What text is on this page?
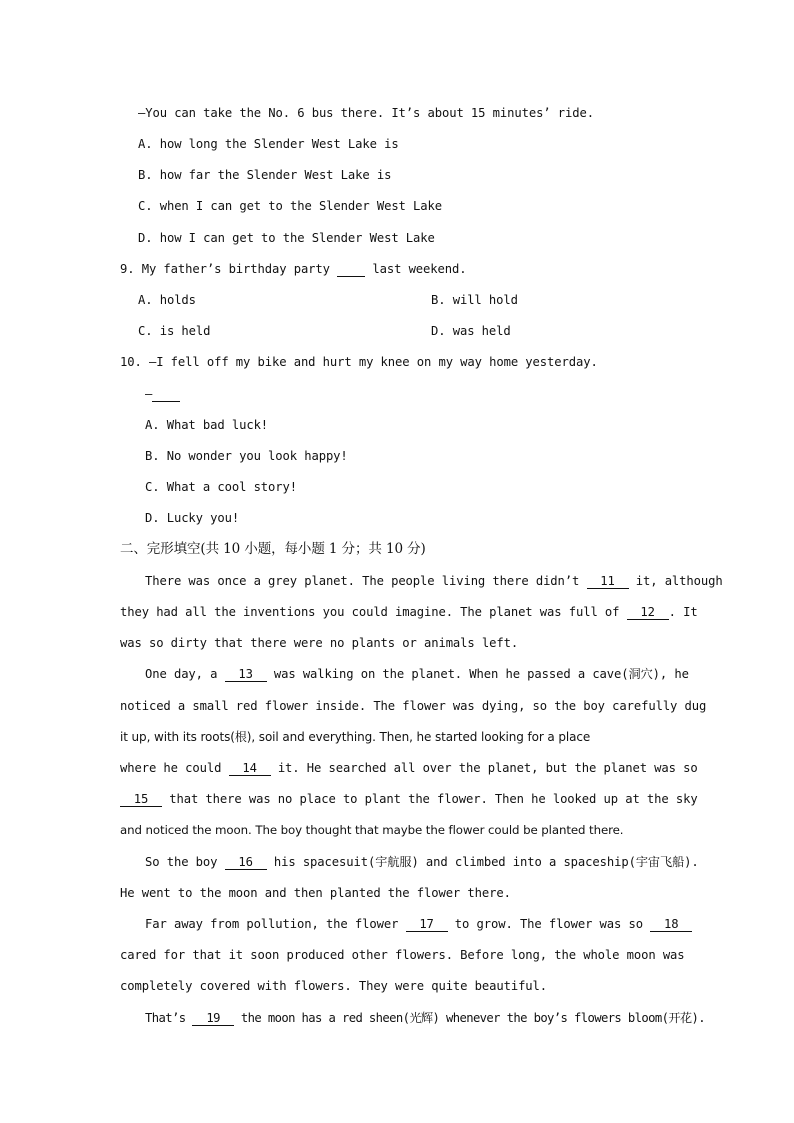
—You can take the No. 6 bus there. It’s about 15 minutes’ ride.
A. how long the Slender West Lake is
B. how far the Slender West Lake is
C. when I can get to the Slender West Lake
D. how I can get to the Slender West Lake
9. My father’s birthday party   last weekend.
A. holds	B. will hold
C. is held	D. was held
10. —I fell off my bike and hurt my knee on my way home yesterday.
—
A. What bad luck!
B. No wonder you look happy!
C. What a cool story!
D. Lucky you!
二、完形填空(共 10 小题，每小题 1 分；共 10 分)
There was once a grey planet. The people living there didn’t 11 it, although
they had all the inventions you could imagine. The planet was full of 12 . It
was so dirty that there were no plants or animals left.
One day, a 13 was walking on the planet. When he passed a cave(洞穴), he
noticed a small red flower inside. The flower was dying, so the boy carefully dug
it up, with its roots(根), soil and everything. Then, he started looking for a place
where he could 14 it. He searched all over the planet, but the planet was so
15 that there was no place to plant the flower. Then he looked up at the sky
and noticed the moon. The boy thought that maybe the flower could be planted there.
So the boy 16 his spacesuit(宇航服) and climbed into a spaceship(宇宙飞船).
He went to the moon and then planted the flower there.
Far away from pollution, the flower 17 to grow. The flower was so 18
cared for that it soon produced other flowers. Before long, the whole moon was
completely covered with flowers. They were quite beautiful.
That’s 19 the moon has a red sheen(光辉) whenever the boy’s flowers bloom(开花).
